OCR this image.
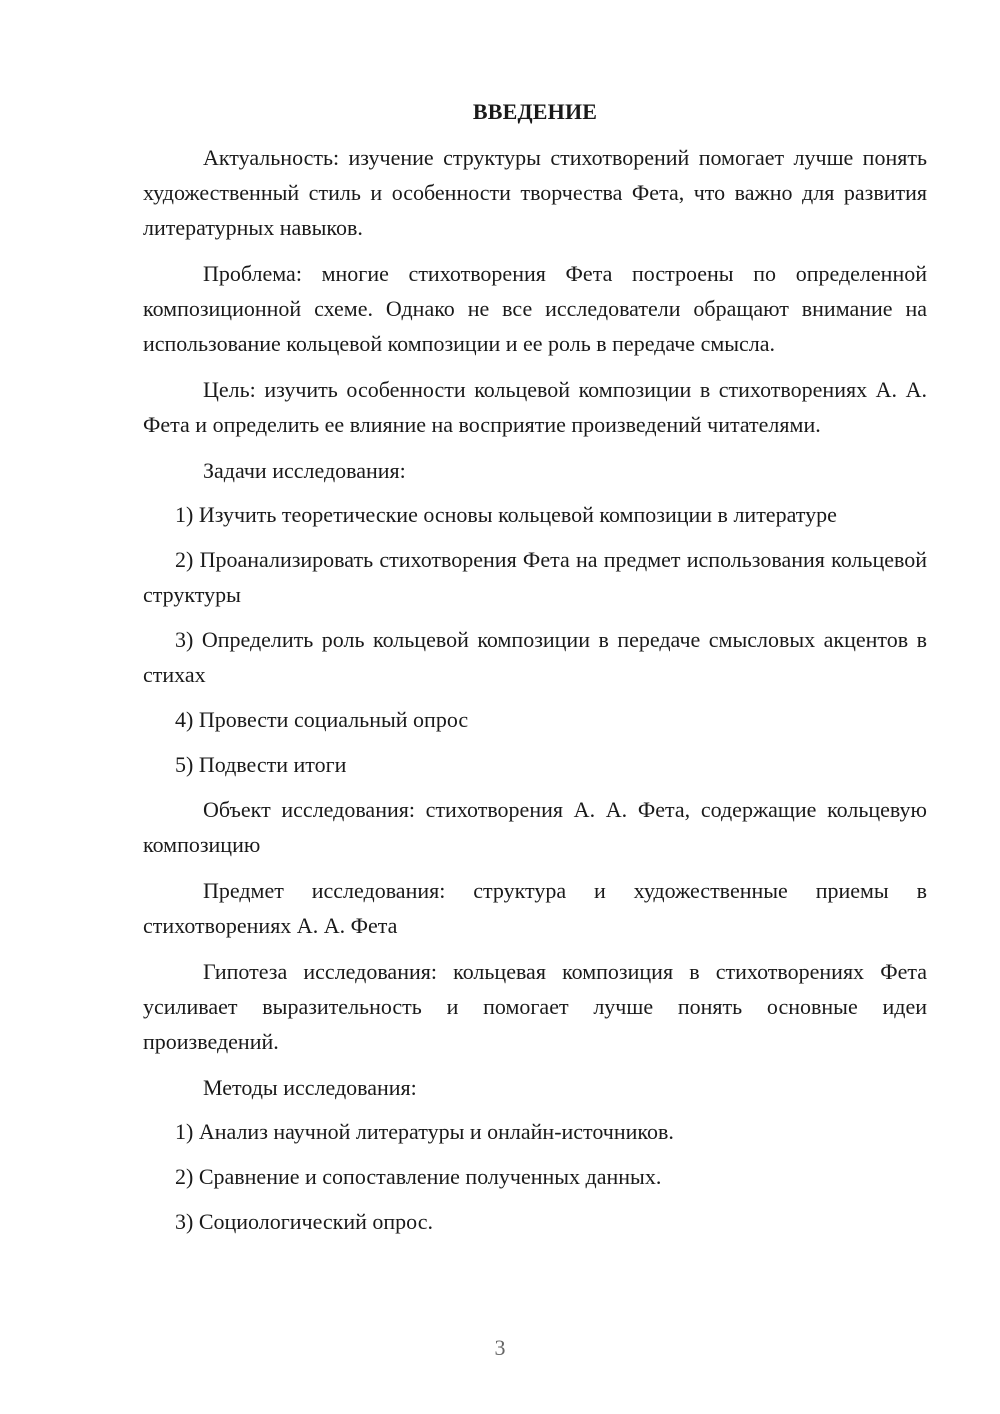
ВВЕДЕНИЕ

Актуальность: изучение структуры стихотворений помогает лучше понять художественный стиль и особенности творчества Фета, что важно для развития литературных навыков.

Проблема: многие стихотворения Фета построены по определенной композиционной схеме. Однако не все исследователи обращают внимание на использование кольцевой композиции и ее роль в передаче смысла.

Цель: изучить особенности кольцевой композиции в стихотворениях А. А. Фета и определить ее влияние на восприятие произведений читателями.

Задачи исследования:

1) Изучить теоретические основы кольцевой композиции в литературе

2) Проанализировать стихотворения Фета на предмет использования кольцевой структуры

3) Определить роль кольцевой композиции в передаче смысловых акцентов в стихах

4) Провести социальный опрос

5) Подвести итоги

Объект исследования: стихотворения А. А. Фета, содержащие кольцевую композицию

Предмет исследования: структура и художественные приемы в стихотворениях А. А. Фета

Гипотеза исследования: кольцевая композиция в стихотворениях Фета усиливает выразительность и помогает лучше понять основные идеи произведений.

Методы исследования:

1) Анализ научной литературы и онлайн-источников.

2) Сравнение и сопоставление полученных данных.

3) Социологический опрос.

3
